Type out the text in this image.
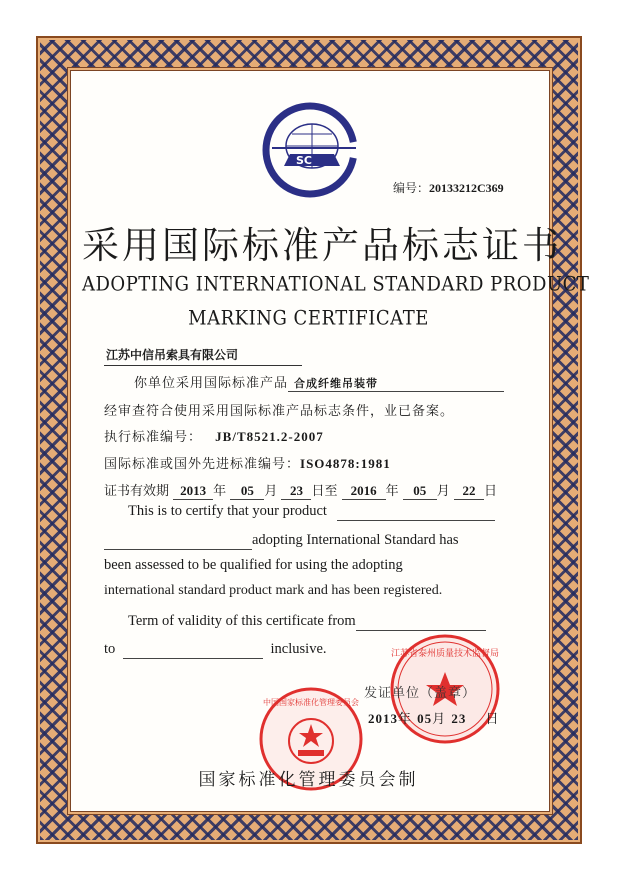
SC
编号：20133212C369
采用国际标准产品标志证书
ADOPTING INTERNATIONAL STANDARD PRODUCT
MARKING CERTIFICATE
江苏中信吊索具有限公司
你单位采用国际标准产品 合成纤维吊装带
经审查符合使用采用国际标准产品标志条件，业已备案。
执行标准编号： JB/T8521.2-2007
国际标准或国外先进标准编号：ISO4878:1981
证书有效期 2013 年 05 月 23 日至 2016 年 05 月 22 日
This is to certify that your product
adopting International Standard has
been assessed to be qualified for using the adopting
international standard product mark and has been registered.
Term of validity of this certificate from
to	inclusive.	江苏省泰州质量技术监督局
发证单位（盖章）
2013年 05月 23 日
中国国家标准化管理委员会
国家标准化管理委员会制
